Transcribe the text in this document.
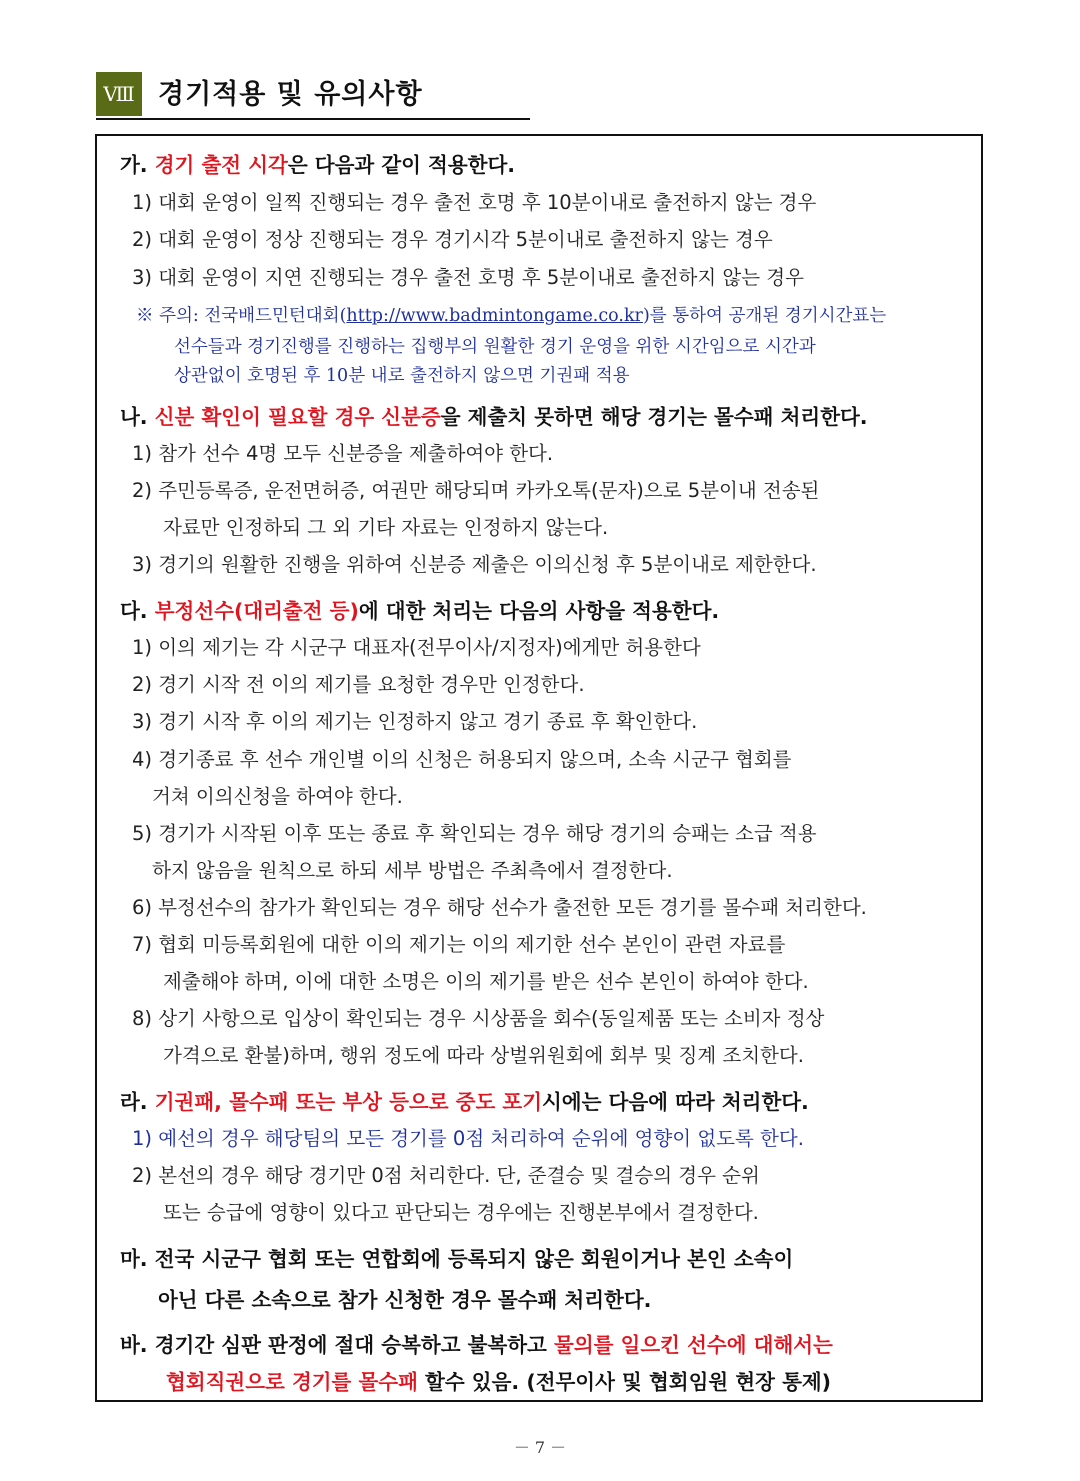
Ⅷ 경기적용 및 유의사항
가. 경기 출전 시각은 다음과 같이 적용한다.
1) 대회 운영이 일찍 진행되는 경우 출전 호명 후 10분이내로 출전하지 않는 경우
2) 대회 운영이 정상 진행되는 경우 경기시각 5분이내로 출전하지 않는 경우
3) 대회 운영이 지연 진행되는 경우 출전 호명 후 5분이내로 출전하지 않는 경우
※ 주의: 전국배드민턴대회(http://www.badmintongame.co.kr)를 통하여 공개된 경기시간표는
선수들과 경기진행를 진행하는 집행부의 원활한 경기 운영을 위한 시간임으로 시간과
상관없이 호명된 후 10분 내로 출전하지 않으면 기권패 적용
나. 신분 확인이 필요할 경우 신분증을 제출치 못하면 해당 경기는 몰수패 처리한다.
1) 참가 선수 4명 모두 신분증을 제출하여야 한다.
2) 주민등록증, 운전면허증, 여권만 해당되며 카카오톡(문자)으로 5분이내 전송된
자료만 인정하되 그 외 기타 자료는 인정하지 않는다.
3) 경기의 원활한 진행을 위하여 신분증 제출은 이의신청 후 5분이내로 제한한다.
다. 부정선수(대리출전 등)에 대한 처리는 다음의 사항을 적용한다.
1) 이의 제기는 각 시군구 대표자(전무이사/지정자)에게만 허용한다
2) 경기 시작 전 이의 제기를 요청한 경우만 인정한다.
3) 경기 시작 후 이의 제기는 인정하지 않고 경기 종료 후 확인한다.
4) 경기종료 후 선수 개인별 이의 신청은 허용되지 않으며, 소속 시군구 협회를
거쳐 이의신청을 하여야 한다.
5) 경기가 시작된 이후 또는 종료 후 확인되는 경우 해당 경기의 승패는 소급 적용
하지 않음을 원칙으로 하되 세부 방법은 주최측에서 결정한다.
6) 부정선수의 참가가 확인되는 경우 해당 선수가 출전한 모든 경기를 몰수패 처리한다.
7) 협회 미등록회원에 대한 이의 제기는 이의 제기한 선수 본인이 관련 자료를
제출해야 하며, 이에 대한 소명은 이의 제기를 받은 선수 본인이 하여야 한다.
8) 상기 사항으로 입상이 확인되는 경우 시상품을 회수(동일제품 또는 소비자 정상
가격으로 환불)하며, 행위 정도에 따라 상벌위원회에 회부 및 징계 조치한다.
라. 기권패, 몰수패 또는 부상 등으로 중도 포기시에는 다음에 따라 처리한다.
1) 예선의 경우 해당팀의 모든 경기를 0점 처리하여 순위에 영향이 없도록 한다.
2) 본선의 경우 해당 경기만 0점 처리한다. 단, 준결승 및 결승의 경우 순위
또는 승급에 영향이 있다고 판단되는 경우에는 진행본부에서 결정한다.
마. 전국 시군구 협회 또는 연합회에 등록되지 않은 회원이거나 본인 소속이
아닌 다른 소속으로 참가 신청한 경우 몰수패 처리한다.
바. 경기간 심판 판정에 절대 승복하고 불복하고 물의를 일으킨 선수에 대해서는
협회직권으로 경기를 몰수패 할수 있음. (전무이사 및 협회임원 현장 통제)
－ 7 －
